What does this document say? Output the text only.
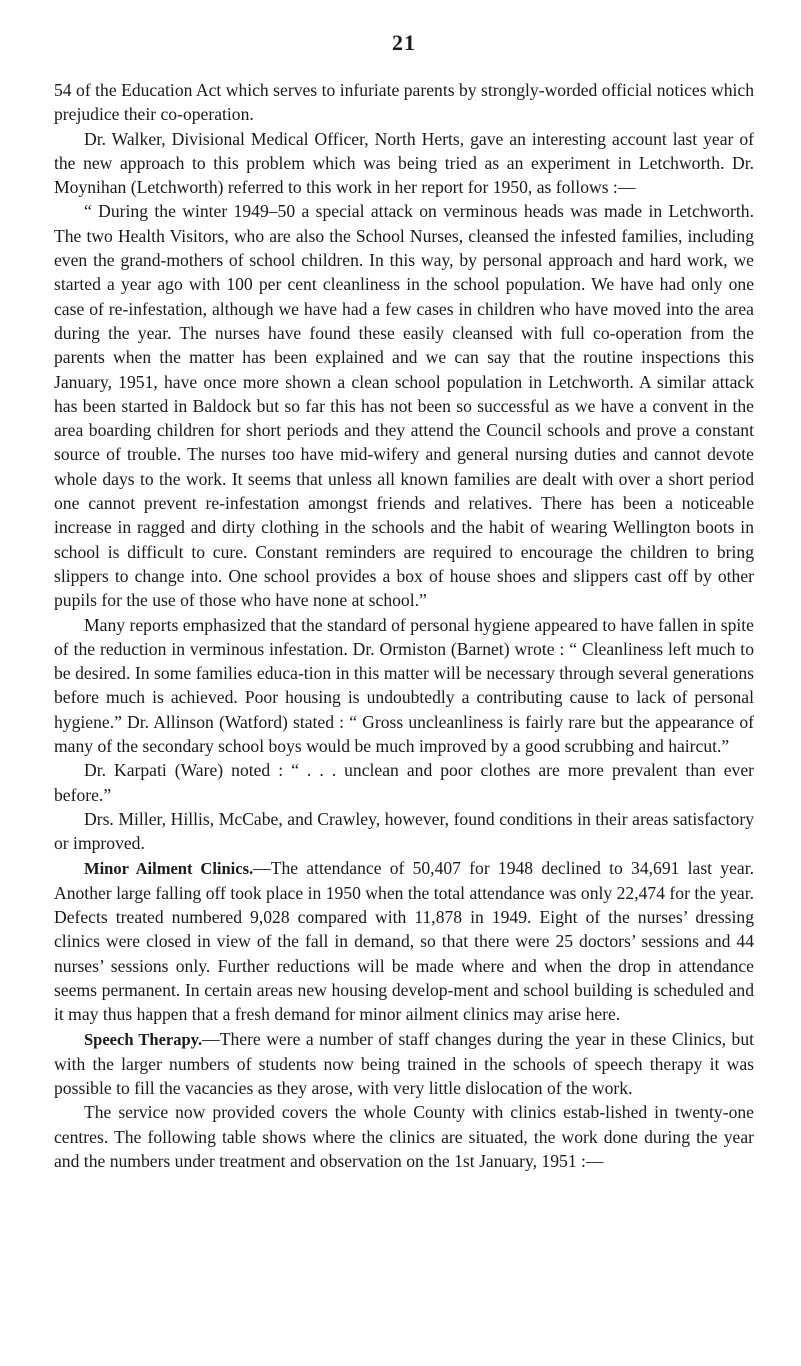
21

54 of the Education Act which serves to infuriate parents by strongly-worded official notices which prejudice their co-operation.

Dr. Walker, Divisional Medical Officer, North Herts, gave an interesting account last year of the new approach to this problem which was being tried as an experiment in Letchworth. Dr. Moynihan (Letchworth) referred to this work in her report for 1950, as follows :—

“ During the winter 1949–50 a special attack on verminous heads was made in Letchworth. The two Health Visitors, who are also the School Nurses, cleansed the infested families, including even the grand-mothers of school children. In this way, by personal approach and hard work, we started a year ago with 100 per cent cleanliness in the school population. We have had only one case of re-infestation, although we have had a few cases in children who have moved into the area during the year. The nurses have found these easily cleansed with full co-operation from the parents when the matter has been explained and we can say that the routine inspections this January, 1951, have once more shown a clean school population in Letchworth. A similar attack has been started in Baldock but so far this has not been so successful as we have a convent in the area boarding children for short periods and they attend the Council schools and prove a constant source of trouble. The nurses too have mid-wifery and general nursing duties and cannot devote whole days to the work. It seems that unless all known families are dealt with over a short period one cannot prevent re-infestation amongst friends and relatives. There has been a noticeable increase in ragged and dirty clothing in the schools and the habit of wearing Wellington boots in school is difficult to cure. Constant reminders are required to encourage the children to bring slippers to change into. One school provides a box of house shoes and slippers cast off by other pupils for the use of those who have none at school.”

Many reports emphasized that the standard of personal hygiene appeared to have fallen in spite of the reduction in verminous infestation. Dr. Ormiston (Barnet) wrote : “ Cleanliness left much to be desired. In some families educa-tion in this matter will be necessary through several generations before much is achieved. Poor housing is undoubtedly a contributing cause to lack of personal hygiene.” Dr. Allinson (Watford) stated : “ Gross uncleanliness is fairly rare but the appearance of many of the secondary school boys would be much improved by a good scrubbing and haircut.”

Dr. Karpati (Ware) noted : “ . . . unclean and poor clothes are more prevalent than ever before.”

Drs. Miller, Hillis, McCabe, and Crawley, however, found conditions in their areas satisfactory or improved.

Minor Ailment Clinics.—The attendance of 50,407 for 1948 declined to 34,691 last year. Another large falling off took place in 1950 when the total attendance was only 22,474 for the year. Defects treated numbered 9,028 compared with 11,878 in 1949. Eight of the nurses’ dressing clinics were closed in view of the fall in demand, so that there were 25 doctors’ sessions and 44 nurses’ sessions only. Further reductions will be made where and when the drop in attendance seems permanent. In certain areas new housing develop-ment and school building is scheduled and it may thus happen that a fresh demand for minor ailment clinics may arise here.

Speech Therapy.—There were a number of staff changes during the year in these Clinics, but with the larger numbers of students now being trained in the schools of speech therapy it was possible to fill the vacancies as they arose, with very little dislocation of the work.

The service now provided covers the whole County with clinics estab-lished in twenty-one centres. The following table shows where the clinics are situated, the work done during the year and the numbers under treatment and observation on the 1st January, 1951 :—
